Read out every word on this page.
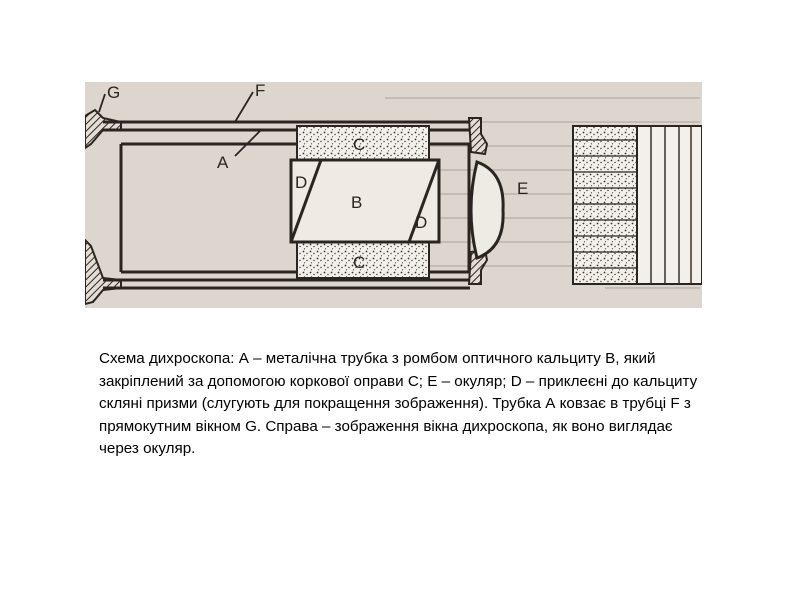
G	F
A
C
C
D
B
D
E

Схема дихроскопа: А – металічна трубка з ромбом оптичного кальциту В, який закріплений за допомогою коркової оправи С; Е – окуляр; D – приклеєні до кальциту скляні призми (слугують для покращення зображення). Трубка А ковзає в трубці F з прямокутним вікном G. Справа – зображення вікна дихроскопа, як воно виглядає через окуляр.
